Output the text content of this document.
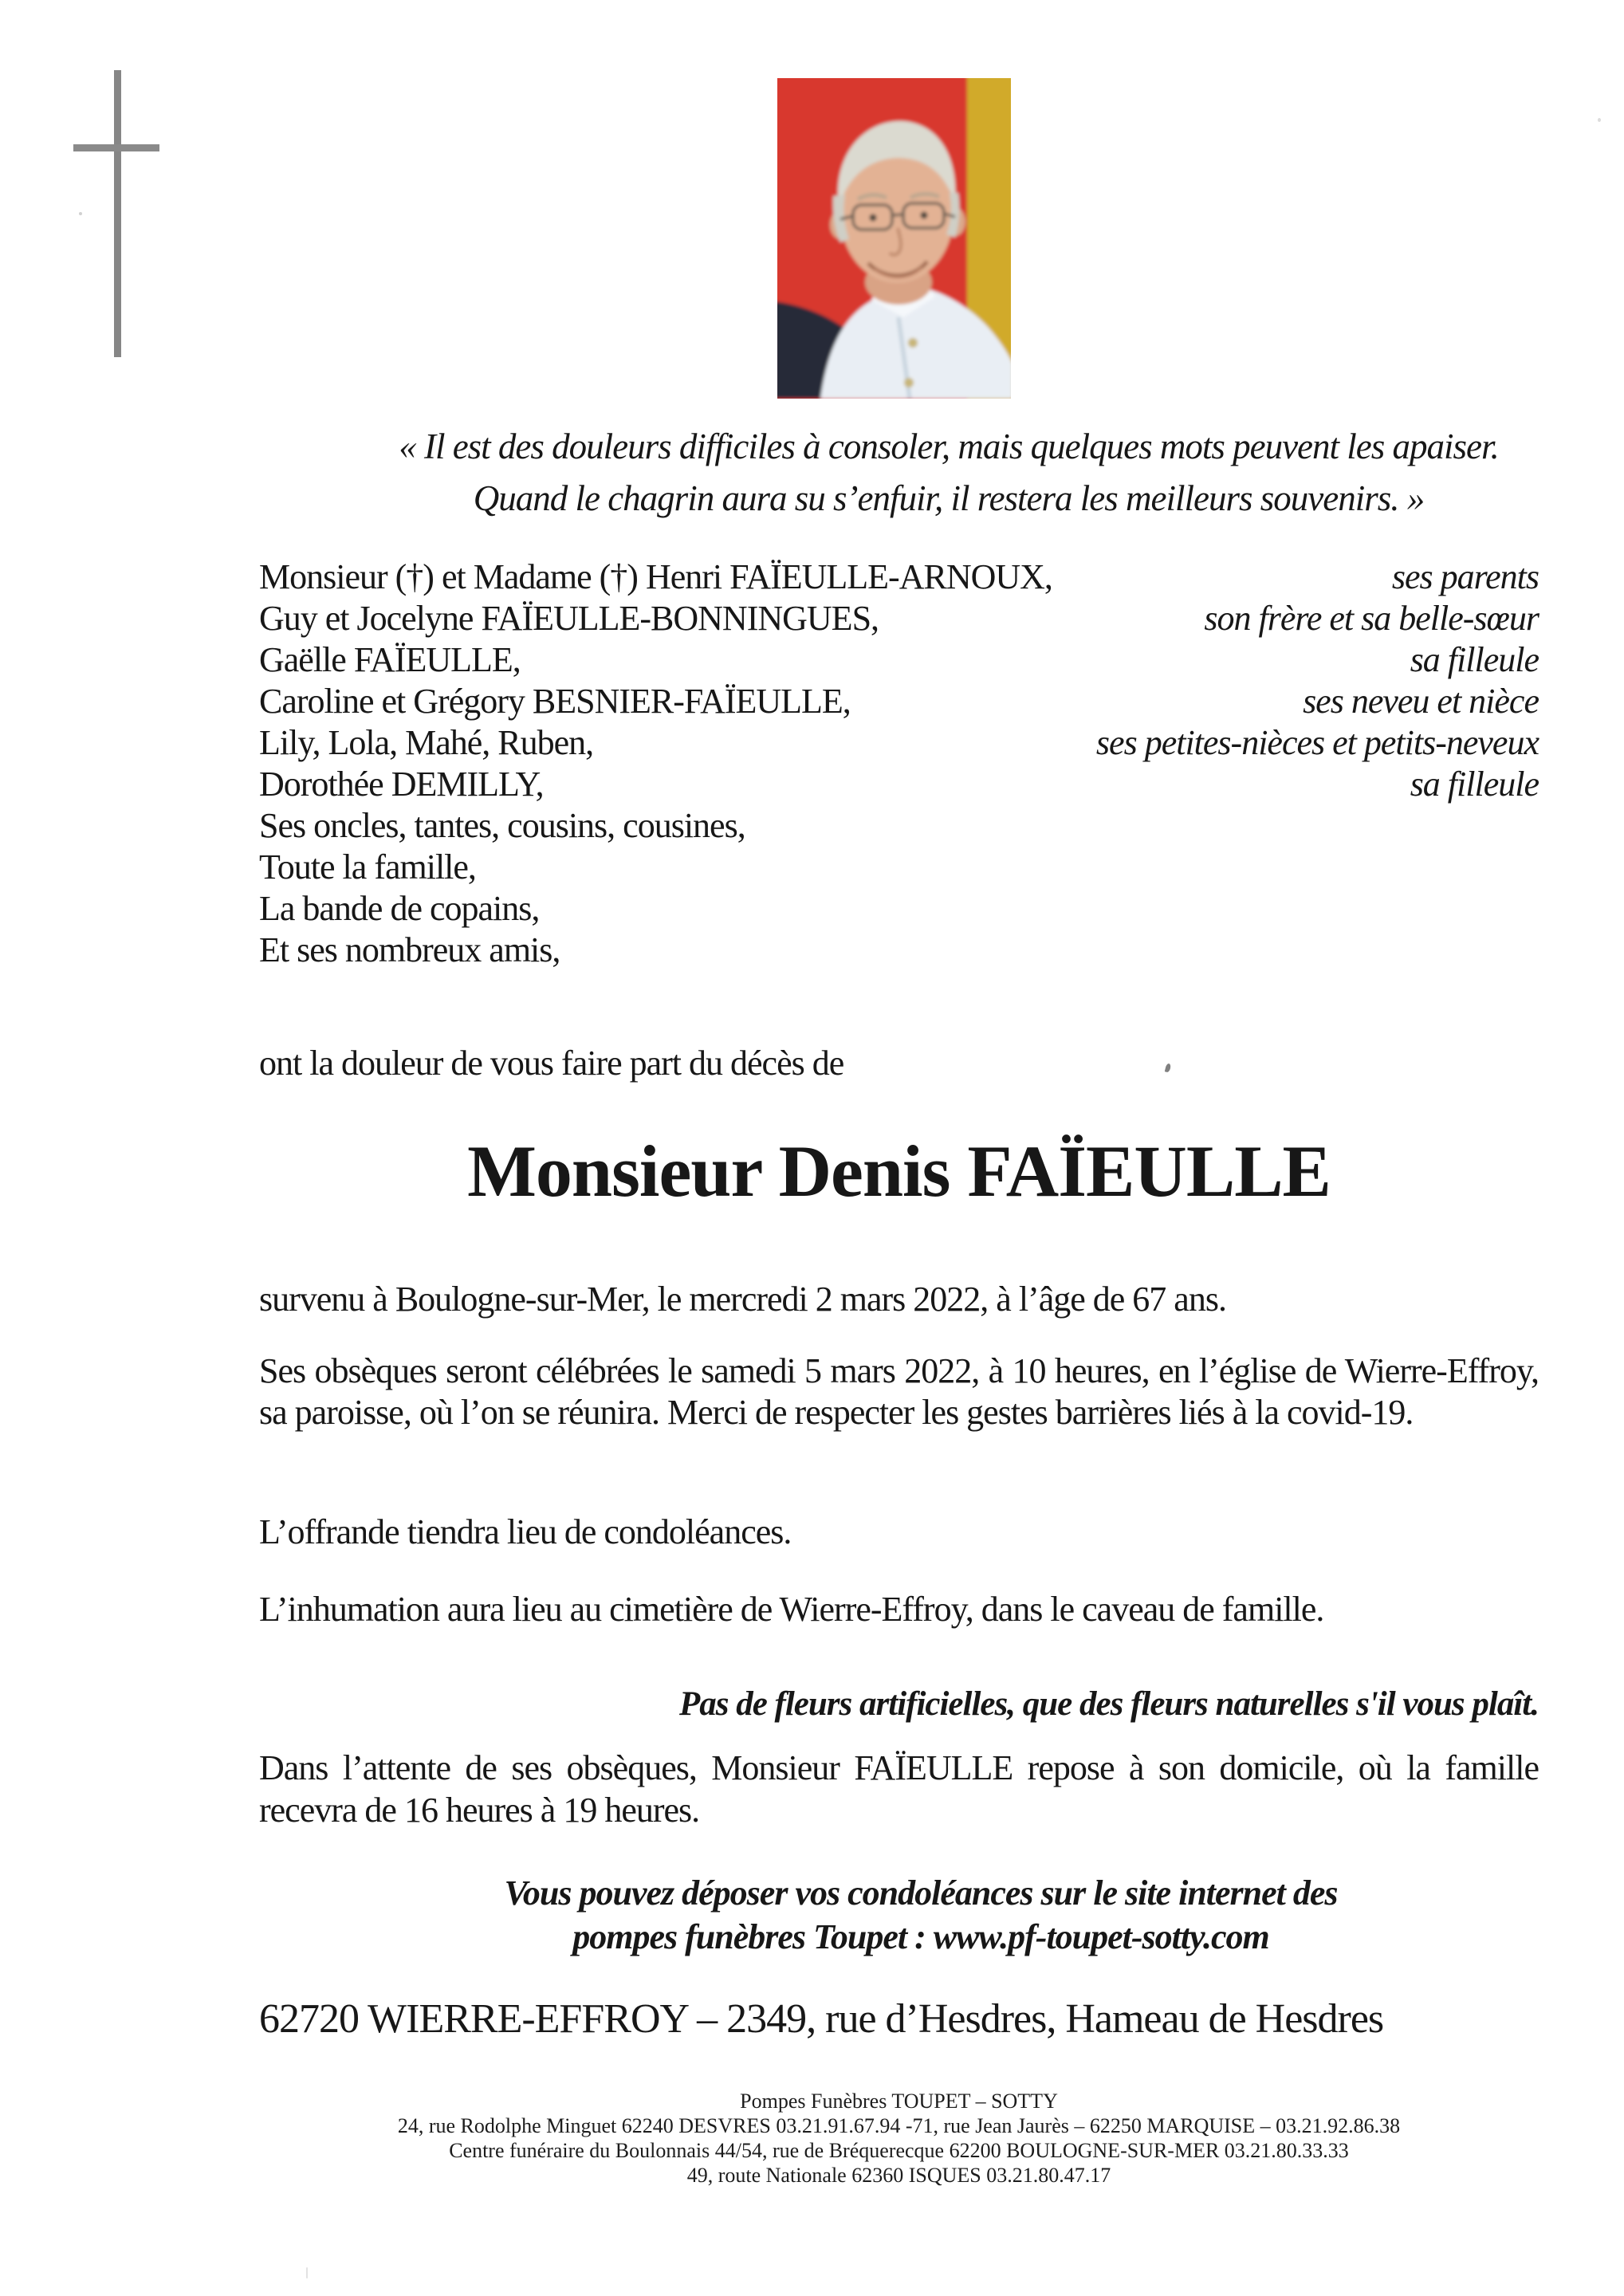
« Il est des douleurs difficiles à consoler, mais quelques mots peuvent les apaiser.
Quand le chagrin aura su s’enfuir, il restera les meilleurs souvenirs. »
Monsieur (†) et Madame (†) Henri FAÏEULLE-ARNOUX,	ses parents
Guy et Jocelyne FAÏEULLE-BONNINGUES,	son frère et sa belle-sœur
Gaëlle FAÏEULLE,	sa filleule
Caroline et Grégory BESNIER-FAÏEULLE,	ses neveu et nièce
Lily, Lola, Mahé, Ruben,	ses petites-nièces et petits-neveux
Dorothée DEMILLY,	sa filleule
Ses oncles, tantes, cousins, cousines,
Toute la famille,
La bande de copains,
Et ses nombreux amis,
ont la douleur de vous faire part du décès de
Monsieur Denis FAÏEULLE
survenu à Boulogne-sur-Mer, le mercredi 2 mars 2022, à l’âge de 67 ans.
Ses obsèques seront célébrées le samedi 5 mars 2022, à 10 heures, en l’église de Wierre-Effroy, sa paroisse, où l’on se réunira. Merci de respecter les gestes barrières liés à la covid-19.
L’offrande tiendra lieu de condoléances.
L’inhumation aura lieu au cimetière de Wierre-Effroy, dans le caveau de famille.
Pas de fleurs artificielles, que des fleurs naturelles s'il vous plaît.
Dans l’attente de ses obsèques, Monsieur FAÏEULLE repose à son domicile, où la famille recevra de 16 heures à 19 heures.
Vous pouvez déposer vos condoléances sur le site internet des
pompes funèbres Toupet : www.pf-toupet-sotty.com
62720 WIERRE-EFFROY – 2349, rue d’Hesdres, Hameau de Hesdres
Pompes Funèbres TOUPET – SOTTY
24, rue Rodolphe Minguet 62240 DESVRES 03.21.91.67.94 -71, rue Jean Jaurès – 62250 MARQUISE – 03.21.92.86.38
Centre funéraire du Boulonnais 44/54, rue de Bréquerecque 62200 BOULOGNE-SUR-MER 03.21.80.33.33
49, route Nationale 62360 ISQUES 03.21.80.47.17
